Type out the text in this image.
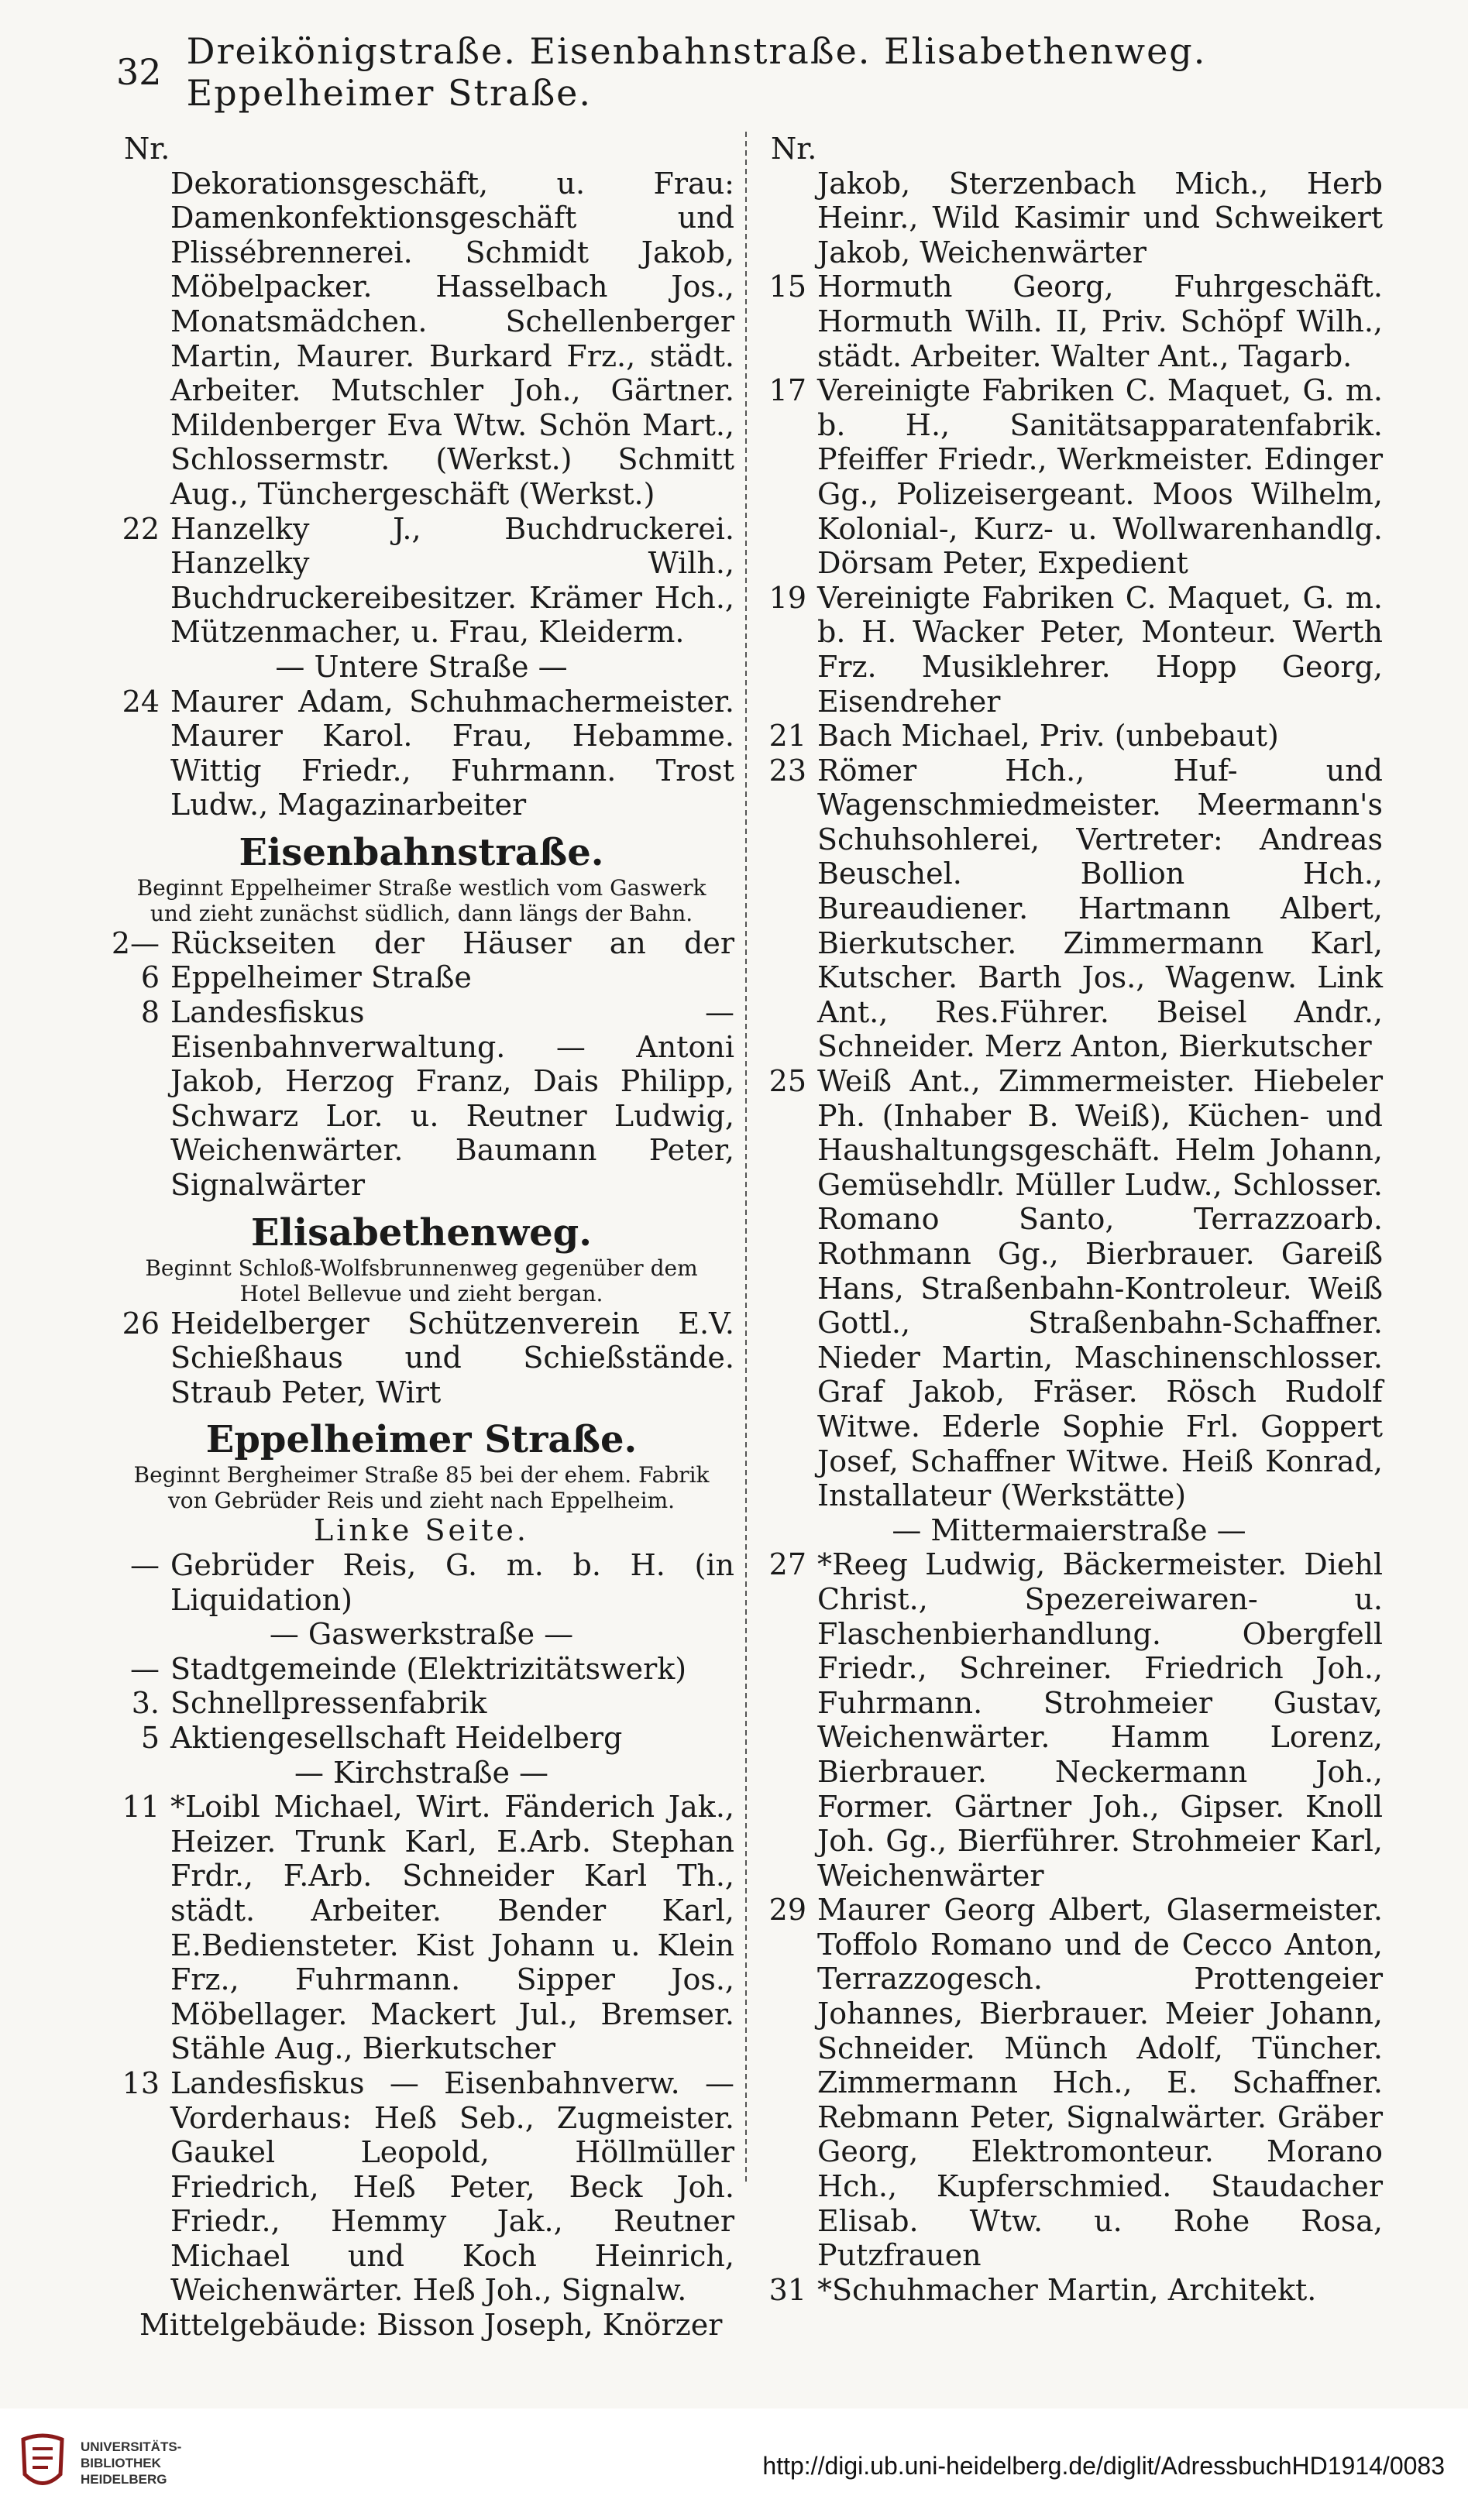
32 Dreikönigstraße. Eisenbahnstraße. Elisabethenweg. Eppelheimer Straße.
Nr.
Dekorationsgeschäft, u. Frau: Damenkonfektionsgeschäft und Plissébrennerei. Schmidt Jakob, Möbelpacker. Hasselbach Jos., Monatsmädchen. Schellenberger Martin, Maurer. Burkard Frz., städt. Arbeiter. Mutschler Joh., Gärtner. Mildenberger Eva Wtw. Schön Mart., Schlossermstr. (Werkst.) Schmitt Aug., Tünchergeschäft (Werkst.)
22 Hanzelky J., Buchdruckerei. Hanzelky Wilh., Buchdruckereibesitzer. Krämer Hch., Mützenmacher, u. Frau, Kleiderm.
— Untere Straße —
24 Maurer Adam, Schuhmachermeister. Maurer Karol. Frau, Hebamme. Wittig Friedr., Fuhrmann. Trost Ludw., Magazinarbeiter
Eisenbahnstraße.
Beginnt Eppelheimer Straße westlich vom Gaswerk und zieht zunächst südlich, dann längs der Bahn.
2—6
Rückseiten der Häuser an der Eppelheimer Straße
8 Landesfiskus — Eisenbahnverwaltung. — Antoni Jakob, Herzog Franz, Dais Philipp, Schwarz Lor. u. Reutner Ludwig, Weichenwärter. Baumann Peter, Signalwärter
Elisabethenweg.
Beginnt Schloß-Wolfsbrunnenweg gegenüber dem Hotel Bellevue und zieht bergan.
26 Heidelberger Schützenverein E.V. Schießhaus und Schießstände. Straub Peter, Wirt
Eppelheimer Straße.
Beginnt Bergheimer Straße 85 bei der ehem. Fabrik von Gebrüder Reis und zieht nach Eppelheim.
Linke Seite.
— Gebrüder Reis, G. m. b. H. (in Liquidation)
— Gaswerkstraße —
— Stadtgemeinde (Elektrizitätswerk)
3. 5
Schnellpressenfabrik Aktiengesellschaft Heidelberg
— Kirchstraße —
11 *Loibl Michael, Wirt. Fänderich Jak., Heizer. Trunk Karl, E.Arb. Stephan Frdr., F.Arb. Schneider Karl Th., städt. Arbeiter. Bender Karl, E.Bediensteter. Kist Johann u. Klein Frz., Fuhrmann. Sipper Jos., Möbellager. Mackert Jul., Bremser. Stähle Aug., Bierkutscher
13 Landesfiskus — Eisenbahnverw. — Vorderhaus: Heß Seb., Zugmeister. Gaukel Leopold, Höllmüller Friedrich, Heß Peter, Beck Joh. Friedr., Hemmy Jak., Reutner Michael und Koch Heinrich, Weichenwärter. Heß Joh., Signalw.
Mittelgebäude: Bisson Joseph, Knörzer
Nr.
Jakob, Sterzenbach Mich., Herb Heinr., Wild Kasimir und Schweikert Jakob, Weichenwärter
15 Hormuth Georg, Fuhrgeschäft. Hormuth Wilh. II, Priv. Schöpf Wilh., städt. Arbeiter. Walter Ant., Tagarb.
17 Vereinigte Fabriken C. Maquet, G. m. b. H., Sanitätsapparatenfabrik. Pfeiffer Friedr., Werkmeister. Edinger Gg., Polizeisergeant. Moos Wilhelm, Kolonial-, Kurz- u. Wollwarenhandlg. Dörsam Peter, Expedient
19 Vereinigte Fabriken C. Maquet, G. m. b. H. Wacker Peter, Monteur. Werth Frz. Musiklehrer. Hopp Georg, Eisendreher
21 Bach Michael, Priv. (unbebaut)
23 Römer Hch., Huf- und Wagenschmiedmeister. Meermann's Schuhsohlerei, Vertreter: Andreas Beuschel. Bollion Hch., Bureaudiener. Hartmann Albert, Bierkutscher. Zimmermann Karl, Kutscher. Barth Jos., Wagenw. Link Ant., Res.Führer. Beisel Andr., Schneider. Merz Anton, Bierkutscher
25 Weiß Ant., Zimmermeister. Hiebeler Ph. (Inhaber B. Weiß), Küchen- und Haushaltungsgeschäft. Helm Johann, Gemüsehdlr. Müller Ludw., Schlosser. Romano Santo, Terrazzoarb. Rothmann Gg., Bierbrauer. Gareiß Hans, Straßenbahn-Kontroleur. Weiß Gottl., Straßenbahn-Schaffner. Nieder Martin, Maschinenschlosser. Graf Jakob, Fräser. Rösch Rudolf Witwe. Ederle Sophie Frl. Goppert Josef, Schaffner Witwe. Heiß Konrad, Installateur (Werkstätte)
— Mittermaierstraße —
27 *Reeg Ludwig, Bäckermeister. Diehl Christ., Spezereiwaren- u. Flaschenbierhandlung. Obergfell Friedr., Schreiner. Friedrich Joh., Fuhrmann. Strohmeier Gustav, Weichenwärter. Hamm Lorenz, Bierbrauer. Neckermann Joh., Former. Gärtner Joh., Gipser. Knoll Joh. Gg., Bierführer. Strohmeier Karl, Weichenwärter
29 Maurer Georg Albert, Glasermeister. Toffolo Romano und de Cecco Anton, Terrazzogesch. Prottengeier Johannes, Bierbrauer. Meier Johann, Schneider. Münch Adolf, Tüncher. Zimmermann Hch., E. Schaffner. Rebmann Peter, Signalwärter. Gräber Georg, Elektromonteur. Morano Hch., Kupferschmied. Staudacher Elisab. Wtw. u. Rohe Rosa, Putzfrauen
31 *Schuhmacher Martin, Architekt.
UNIVERSITÄTS-
BIBLIOTHEK
HEIDELBERG	http://digi.ub.uni-heidelberg.de/diglit/AdressbuchHD1914/0083
